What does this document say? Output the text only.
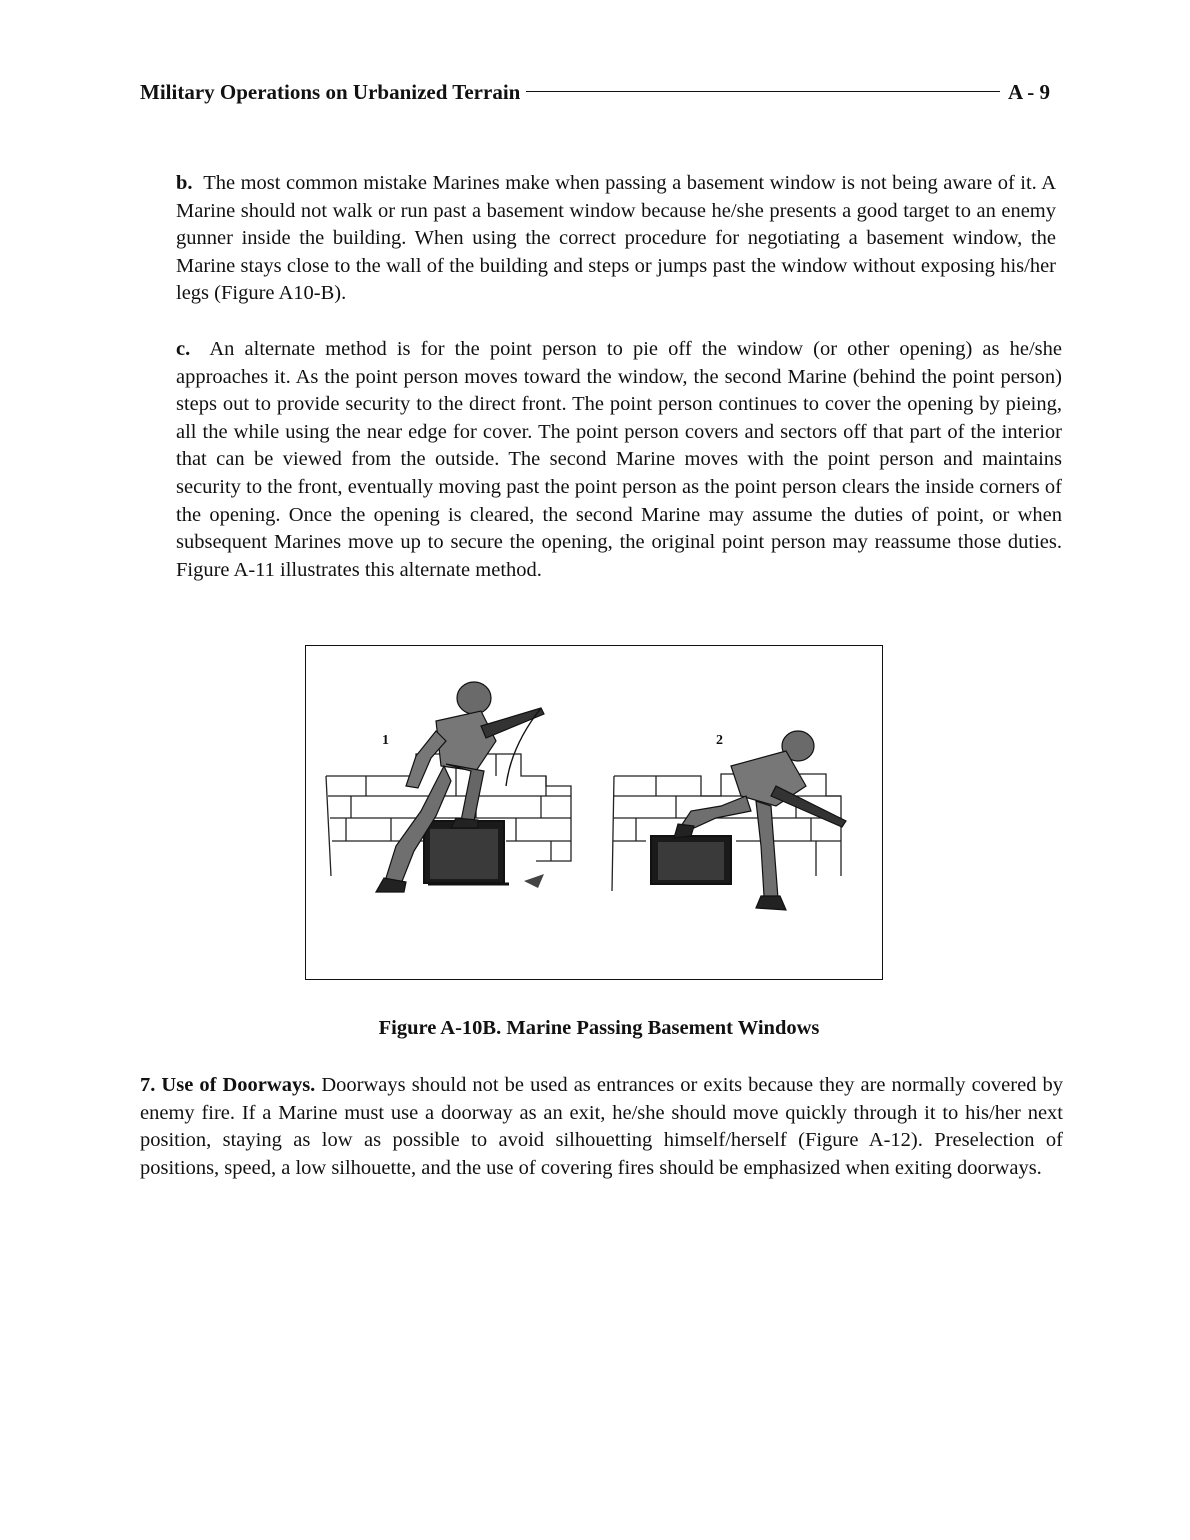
Military Operations on Urbanized Terrain	A - 9

b. The most common mistake Marines make when passing a basement window is not being aware of it. A Marine should not walk or run past a basement window because he/she presents a good target to an enemy gunner inside the building. When using the correct procedure for negotiating a basement window, the Marine stays close to the wall of the building and steps or jumps past the window without exposing his/her legs (Figure A10-B).

c. An alternate method is for the point person to pie off the window (or other opening) as he/she approaches it. As the point person moves toward the window, the second Marine (behind the point person) steps out to provide security to the direct front. The point person continues to cover the opening by pieing, all the while using the near edge for cover. The point person covers and sectors off that part of the interior that can be viewed from the outside. The second Marine moves with the point person and maintains security to the front, eventually moving past the point person as the point person clears the inside corners of the opening. Once the opening is cleared, the second Marine may assume the duties of point, or when subsequent Marines move up to secure the opening, the original point person may reassume those duties. Figure A-11 illustrates this alternate method.

1	2

Figure A-10B. Marine Passing Basement Windows

7. Use of Doorways. Doorways should not be used as entrances or exits because they are normally covered by enemy fire. If a Marine must use a doorway as an exit, he/she should move quickly through it to his/her next position, staying as low as possible to avoid silhouetting himself/herself (Figure A-12). Preselection of positions, speed, a low silhouette, and the use of covering fires should be emphasized when exiting doorways.
